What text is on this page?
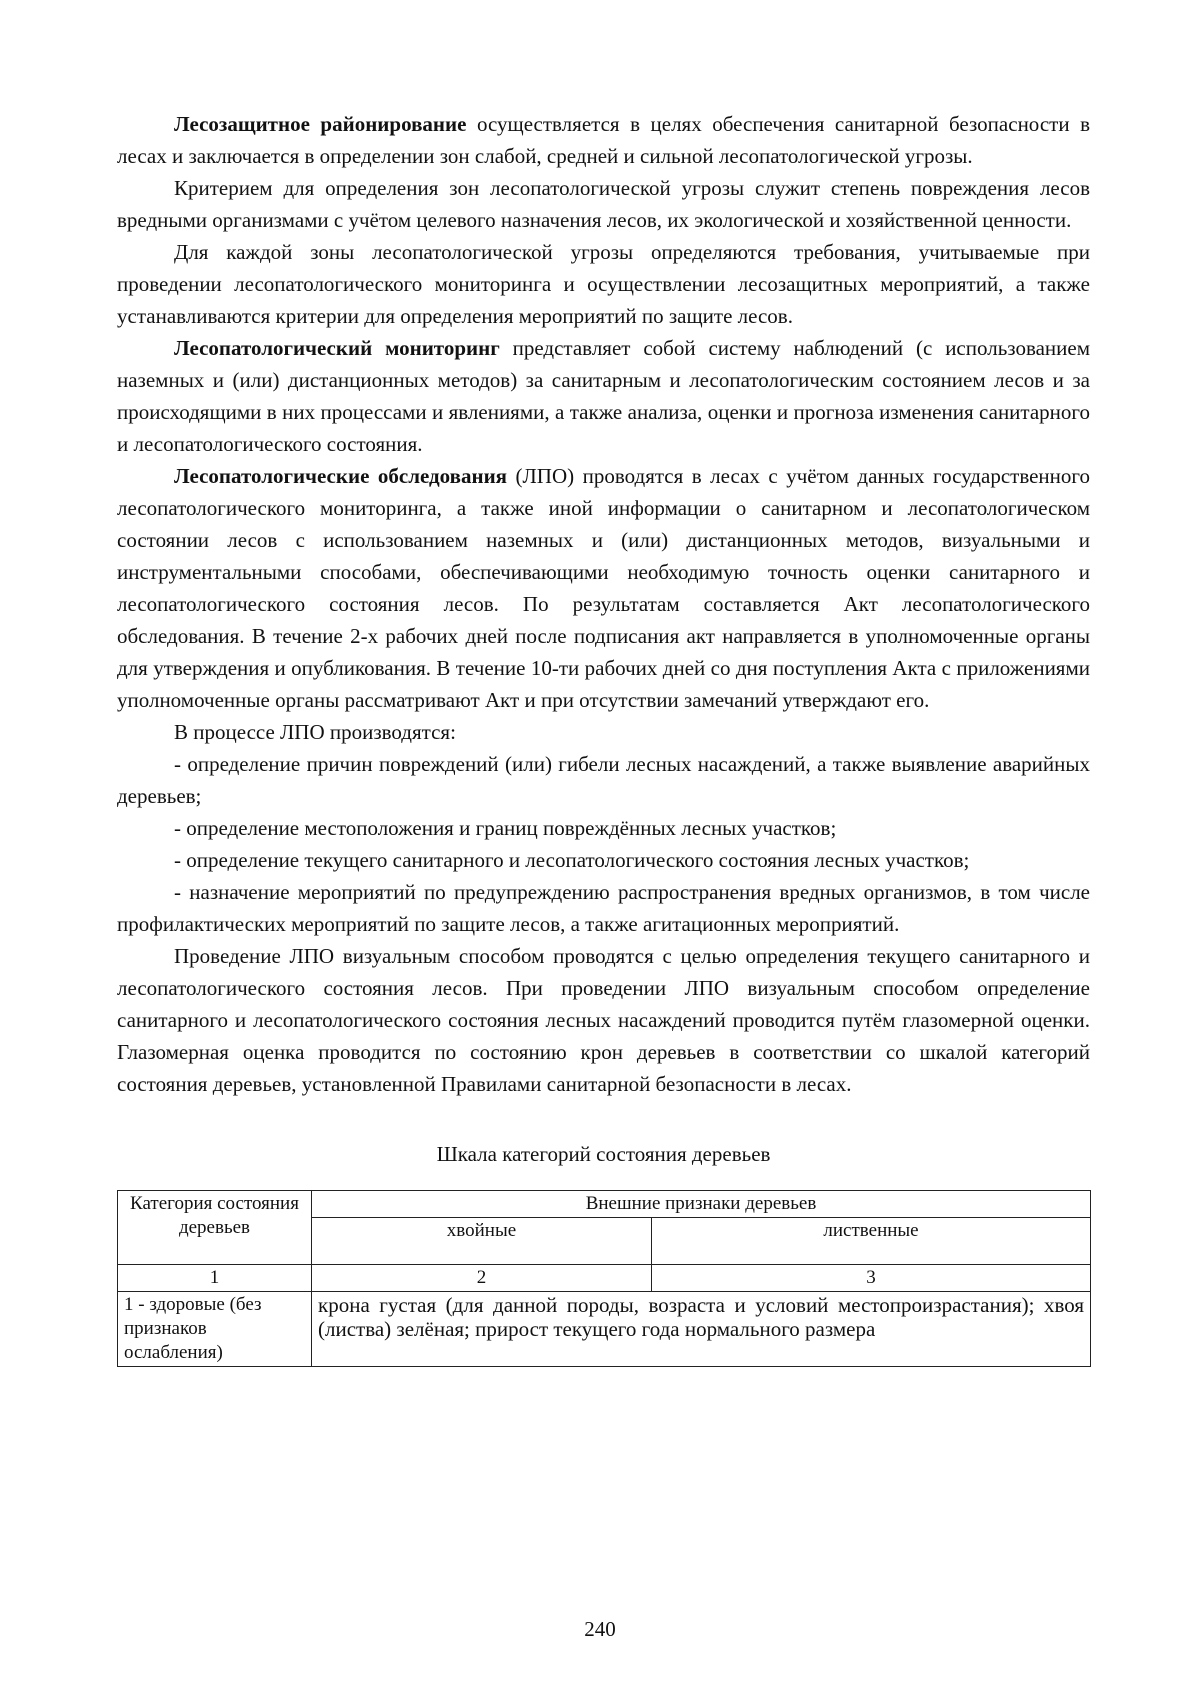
Лесозащитное районирование осуществляется в целях обеспечения санитарной безопасности в лесах и заключается в определении зон слабой, средней и сильной лесопатологической угрозы.

Критерием для определения зон лесопатологической угрозы служит степень повреждения лесов вредными организмами с учётом целевого назначения лесов, их экологической и хозяйственной ценности.

Для каждой зоны лесопатологической угрозы определяются требования, учитываемые при проведении лесопатологического мониторинга и осуществлении лесозащитных мероприятий, а также устанавливаются критерии для определения мероприятий по защите лесов.

Лесопатологический мониторинг представляет собой систему наблюдений (с использованием наземных и (или) дистанционных методов) за санитарным и лесопатологическим состоянием лесов и за происходящими в них процессами и явлениями, а также анализа, оценки и прогноза изменения санитарного и лесопатологического состояния.

Лесопатологические обследования (ЛПО) проводятся в лесах с учётом данных государственного лесопатологического мониторинга, а также иной информации о санитарном и лесопатологическом состоянии лесов с использованием наземных и (или) дистанционных методов, визуальными и инструментальными способами, обеспечивающими необходимую точность оценки санитарного и лесопатологического состояния лесов. По результатам составляется Акт лесопатологического обследования. В течение 2-х рабочих дней после подписания акт направляется в уполномоченные органы для утверждения и опубликования. В течение 10-ти рабочих дней со дня поступления Акта с приложениями уполномоченные органы рассматривают Акт и при отсутствии замечаний утверждают его.

В процессе ЛПО производятся:

- определение причин повреждений (или) гибели лесных насаждений, а также выявление аварийных деревьев;

- определение местоположения и границ повреждённых лесных участков;

- определение текущего санитарного и лесопатологического состояния лесных участков;

- назначение мероприятий по предупреждению распространения вредных организмов, в том числе профилактических мероприятий по защите лесов, а также агитационных мероприятий.

Проведение ЛПО визуальным способом проводятся с целью определения текущего санитарного и лесопатологического состояния лесов. При проведении ЛПО визуальным способом определение санитарного и лесопатологического состояния лесных насаждений проводится путём глазомерной оценки. Глазомерная оценка проводится по состоянию крон деревьев в соответствии со шкалой категорий состояния деревьев, установленной Правилами санитарной безопасности в лесах.

Шкала категорий состояния деревьев

Категория состояния деревьев	Внешние признаки деревьев	
	хвойные	лиственные
1	2	3
1 - здоровые (без признаков ослабления)	крона густая (для данной породы, возраста и условий местопроизрастания); хвоя (листва) зелёная; прирост текущего года нормального размера	
240
